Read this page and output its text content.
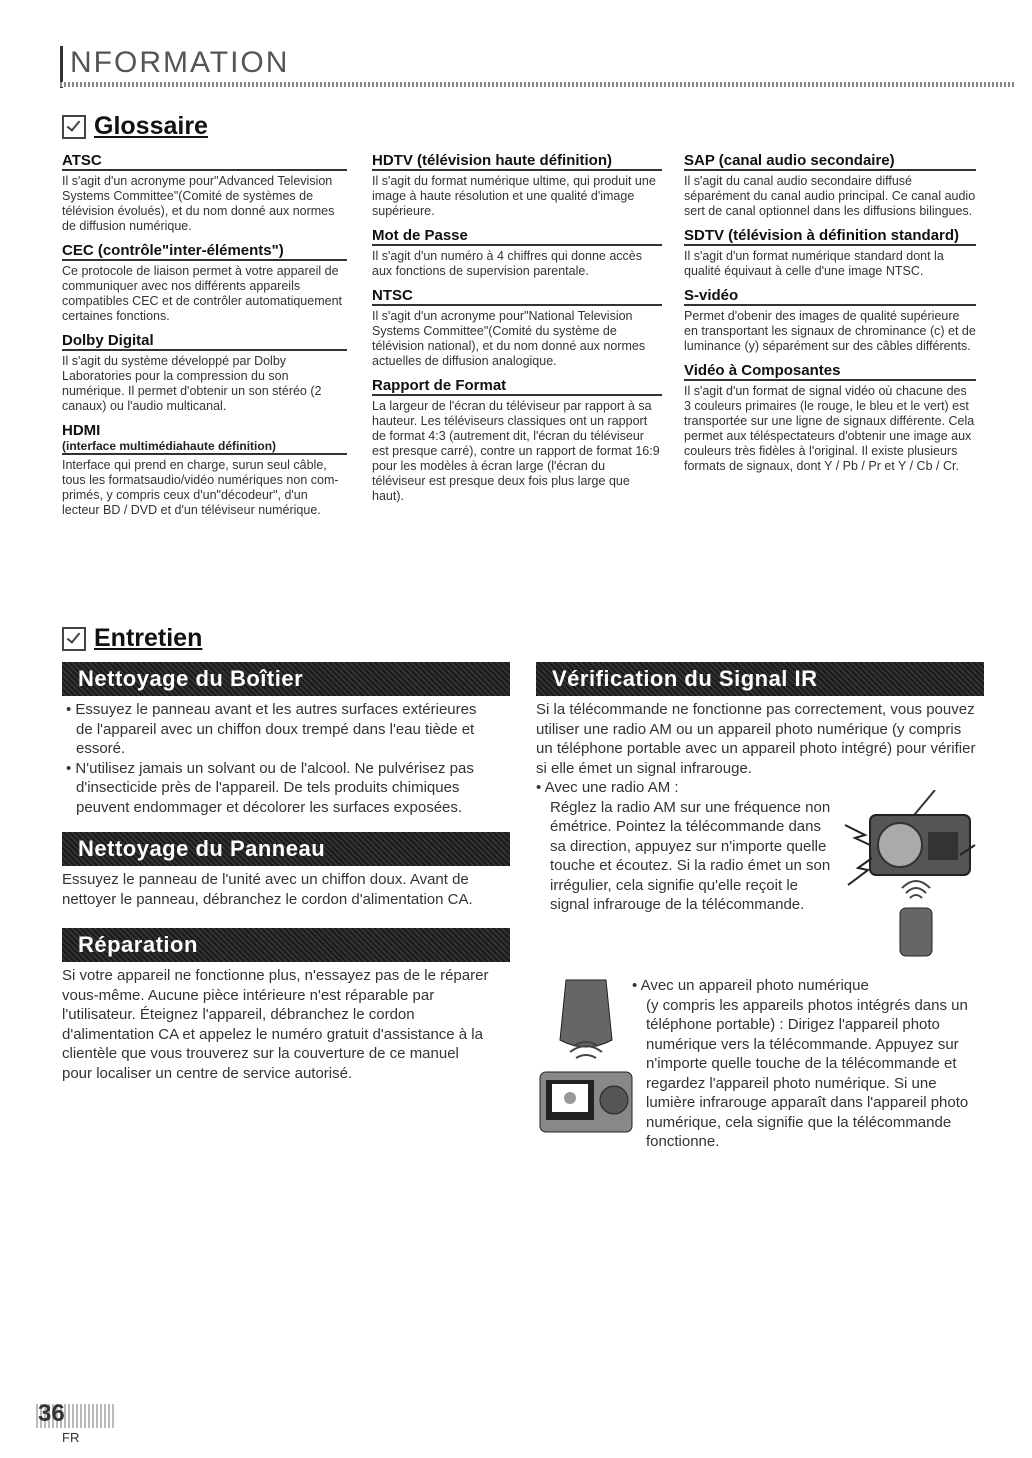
NFORMATION
Glossaire
ATSC
Il s'agit d'un acronyme pour"Advanced Television Systems Committee"(Comité de systèmes de télévision évolués), et du nom donné aux normes de diffusion numérique.
CEC (contrôle"inter-éléments")
Ce protocole de liaison permet à votre appareil de communiquer avec nos différents appareils compatibles CEC et de contrôler automatiquement certaines fonctions.
Dolby Digital
Il s'agit du système développé par Dolby Laboratories pour la compression du son numérique. Il permet d'obtenir un son stéréo (2 canaux) ou l'audio multicanal.
HDMI
(interface multimédiahaute définition)
Interface qui prend en charge, surun seul câble, tous les formatsaudio/vidéo numériques non com-primés, y compris ceux d'un"décodeur", d'un lecteur BD / DVD et d'un téléviseur numérique.
HDTV (télévision haute définition)
Il s'agit du format numérique ultime, qui produit une image à haute résolution et une qualité d'image supérieure.
Mot de Passe
Il s'agit d'un numéro à 4 chiffres qui donne accès aux fonctions de supervision parentale.
NTSC
Il s'agit d'un acronyme pour"National Television Systems Committee"(Comité du système de télévision national), et du nom donné aux normes actuelles de diffusion analogique.
Rapport de Format
La largeur de l'écran du téléviseur par rapport à sa hauteur. Les téléviseurs classiques ont un rapport de format 4:3 (autrement dit, l'écran du téléviseur est presque carré), contre un rapport de format 16:9 pour les modèles à écran large (l'écran du téléviseur est presque deux fois plus large que haut).
SAP (canal audio secondaire)
Il s'agit du canal audio secondaire diffusé séparément du canal audio principal. Ce canal audio sert de canal optionnel dans les diffusions bilingues.
SDTV (télévision à définition standard)
Il s'agit d'un format numérique standard dont la qualité équivaut à celle d'une image NTSC.
S-vidéo
Permet d'obenir des images de qualité supérieure en transportant les signaux de chrominance (c) et de luminance (y) séparément sur des câbles différents.
Vidéo à Composantes
Il s'agit d'un format de signal vidéo où chacune des 3 couleurs primaires (le rouge, le bleu et le vert) est transportée sur une ligne de signaux différente. Cela permet aux téléspectateurs d'obtenir une image aux couleurs très fidèles à l'original. Il existe plusieurs formats de signaux, dont Y / Pb / Pr et Y / Cb / Cr.
Entretien
Nettoyage du Boîtier
• Essuyez le panneau avant et les autres surfaces extérieures de l'appareil avec un chiffon doux trempé dans l'eau tiède et essoré.
• N'utilisez jamais un solvant ou de l'alcool. Ne pulvérisez pas d'insecticide près de l'appareil. De tels produits chimiques peuvent endommager et décolorer les surfaces exposées.
Nettoyage du Panneau
Essuyez le panneau de l'unité avec un chiffon doux. Avant de nettoyer le panneau, débranchez le cordon d'alimentation CA.
Réparation
Si votre appareil ne fonctionne plus, n'essayez pas de le réparer vous-même. Aucune pièce intérieure n'est réparable par l'utilisateur. Éteignez l'appareil, débranchez le cordon d'alimentation CA et appelez le numéro gratuit d'assistance à la clientèle que vous trouverez sur la couverture de ce manuel pour localiser un centre de service autorisé.
Vérification du Signal IR
Si la télécommande ne fonctionne pas correctement, vous pouvez utiliser une radio AM ou un appareil photo numérique (y compris un téléphone portable avec un appareil photo intégré) pour vérifier si elle émet un signal infrarouge.
• Avec une radio AM :
Réglez la radio AM sur une fréquence non émétrice. Pointez la télécommande dans sa direction, appuyez sur n'importe quelle touche et écoutez. Si la radio émet un son irrégulier, cela signifie qu'elle reçoit le signal infrarouge de la télécommande.
• Avec un appareil photo numérique
(y compris les appareils photos intégrés dans un téléphone portable) : Dirigez l'appareil photo numérique vers la télécommande. Appuyez sur n'importe quelle touche de la télécommande et regardez l'appareil photo numérique. Si une lumière infrarouge apparaît dans l'appareil photo numérique, cela signifie que la télécommande fonctionne.
36
FR
